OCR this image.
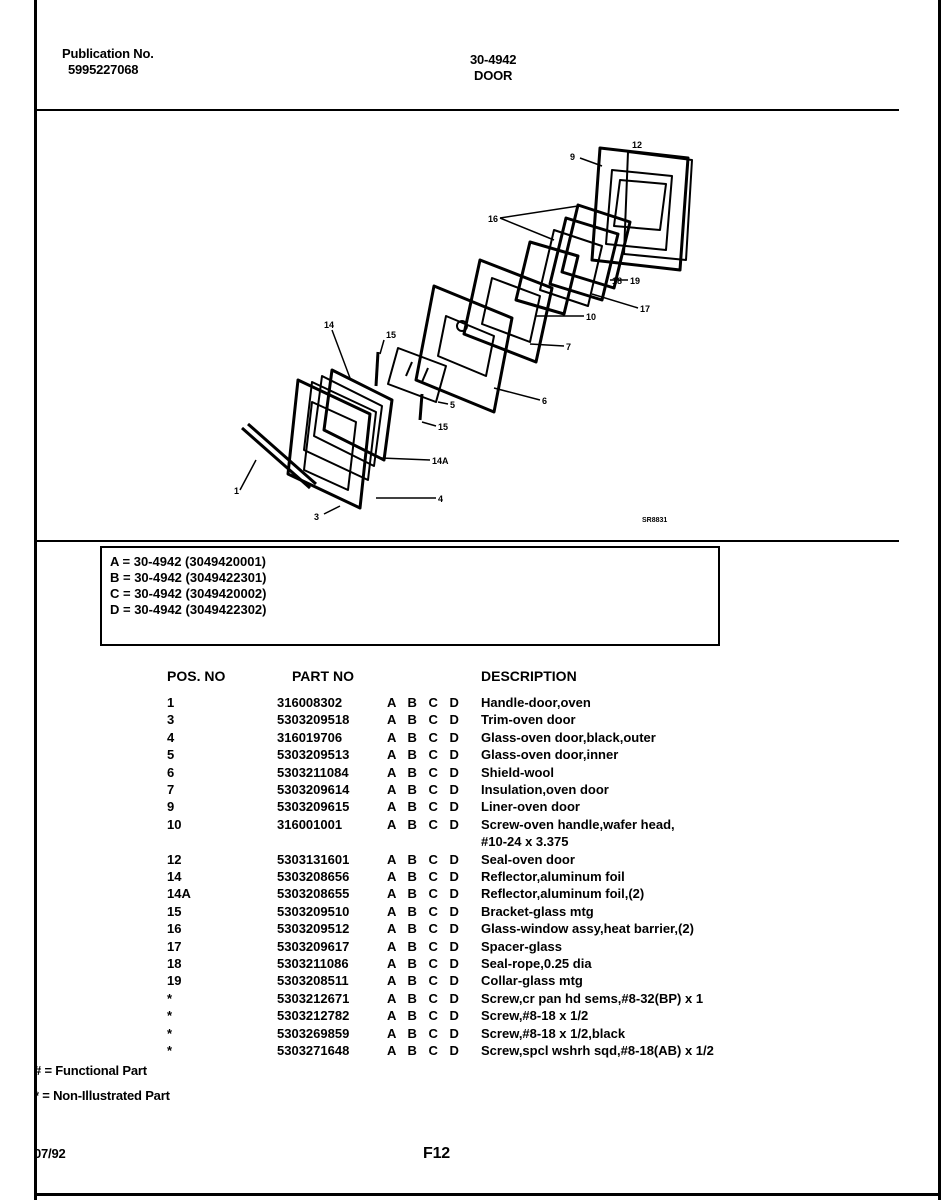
Publication No.
5995227068
30-4942
DOOR
12
9
16
18 19
17
10
7
14
15
5	6
15
14A
1
4
3	SR8831
A = 30-4942 (3049420001)
B = 30-4942 (3049422301)
C = 30-4942 (3049420002)
D = 30-4942 (3049422302)
POS. NO	PART NO	DESCRIPTION
1	316008302	A B C D Handle-door,oven
3	5303209518	A B C D Trim-oven door
4	316019706	A B C D Glass-oven door,black,outer
5	5303209513	A B C D Glass-oven door,inner
6	5303211084	A B C D Shield-wool
7	5303209614	A B C D Insulation,oven door
9	5303209615	A B C D Liner-oven door
10	316001001	A B C D Screw-oven handle,wafer head,
#10-24 x 3.375
12	5303131601	A B C D Seal-oven door
14	5303208656	A B C D Reflector,aluminum foil
14A	5303208655	A B C D Reflector,aluminum foil,(2)
15	5303209510	A B C D Bracket-glass mtg
16	5303209512	A B C D Glass-window assy,heat barrier,(2)
17	5303209617	A B C D Spacer-glass
18	5303211086	A B C D Seal-rope,0.25 dia
19	5303208511	A B C D Collar-glass mtg
*	5303212671	A B C D Screw,cr pan hd sems,#8-32(BP) x 1
*	5303212782	A B C D Screw,#8-18 x 1/2
*	5303269859	A B C D Screw,#8-18 x 1/2,black
*	5303271648	A B C D Screw,spcl wshrh sqd,#8-18(AB) x 1/2
# = Functional Part
* = Non-Illustrated Part
07/92	F12
